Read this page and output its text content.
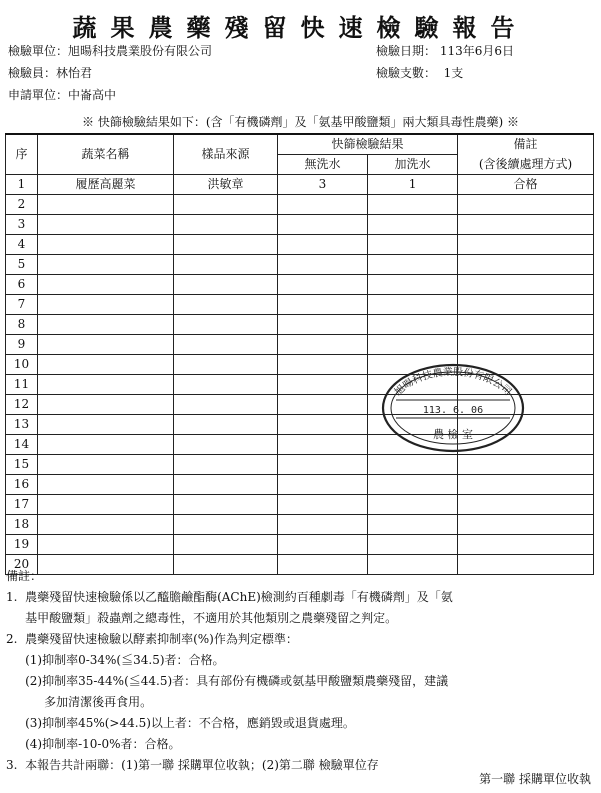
蔬果農藥殘留快速檢驗報告
檢驗單位：旭暘科技農業股份有限公司	檢驗日期： 113年6月6日
檢驗員：林怡君	檢驗支數： 1支
申請單位：中崙高中
※ 快篩檢驗結果如下：(含「有機磷劑」及「氨基甲酸鹽類」兩大類具毒性農藥) ※
序	蔬菜名稱	樣品來源	快篩檢驗結果		備註
			無洗水	加洗水	(含後續處理方式)
1	履歷高麗菜	洪敏章	3	1	合格
2					
3					
4					
5					
6					
7					
8					
9					
10					
11					
12					
13					
14					
15					
16					
17					
18					
19					
20					
旭暘科技農業股份有限公司
113. 6. 06
農 檢 室
備註：
1.  農藥殘留快速檢驗係以乙醯膽鹼酯酶(AChE)檢測約百種劇毒「有機磷劑」及「氨
基甲酸鹽類」殺蟲劑之總毒性，不適用於其他類別之農藥殘留之判定。
2.  農藥殘留快速檢驗以酵素抑制率(%)作為判定標準：
(1)抑制率0-34%(≦34.5)者：合格。
(2)抑制率35-44%(≦44.5)者：具有部份有機磷或氨基甲酸鹽類農藥殘留，建議
多加清潔後再食用。
(3)抑制率45%(>44.5)以上者：不合格，應銷毀或退貨處理。
(4)抑制率-10-0%者：合格。
3.  本報告共計兩聯：(1)第一聯 採購單位收執；(2)第二聯 檢驗單位存
第一聯 採購單位收執
